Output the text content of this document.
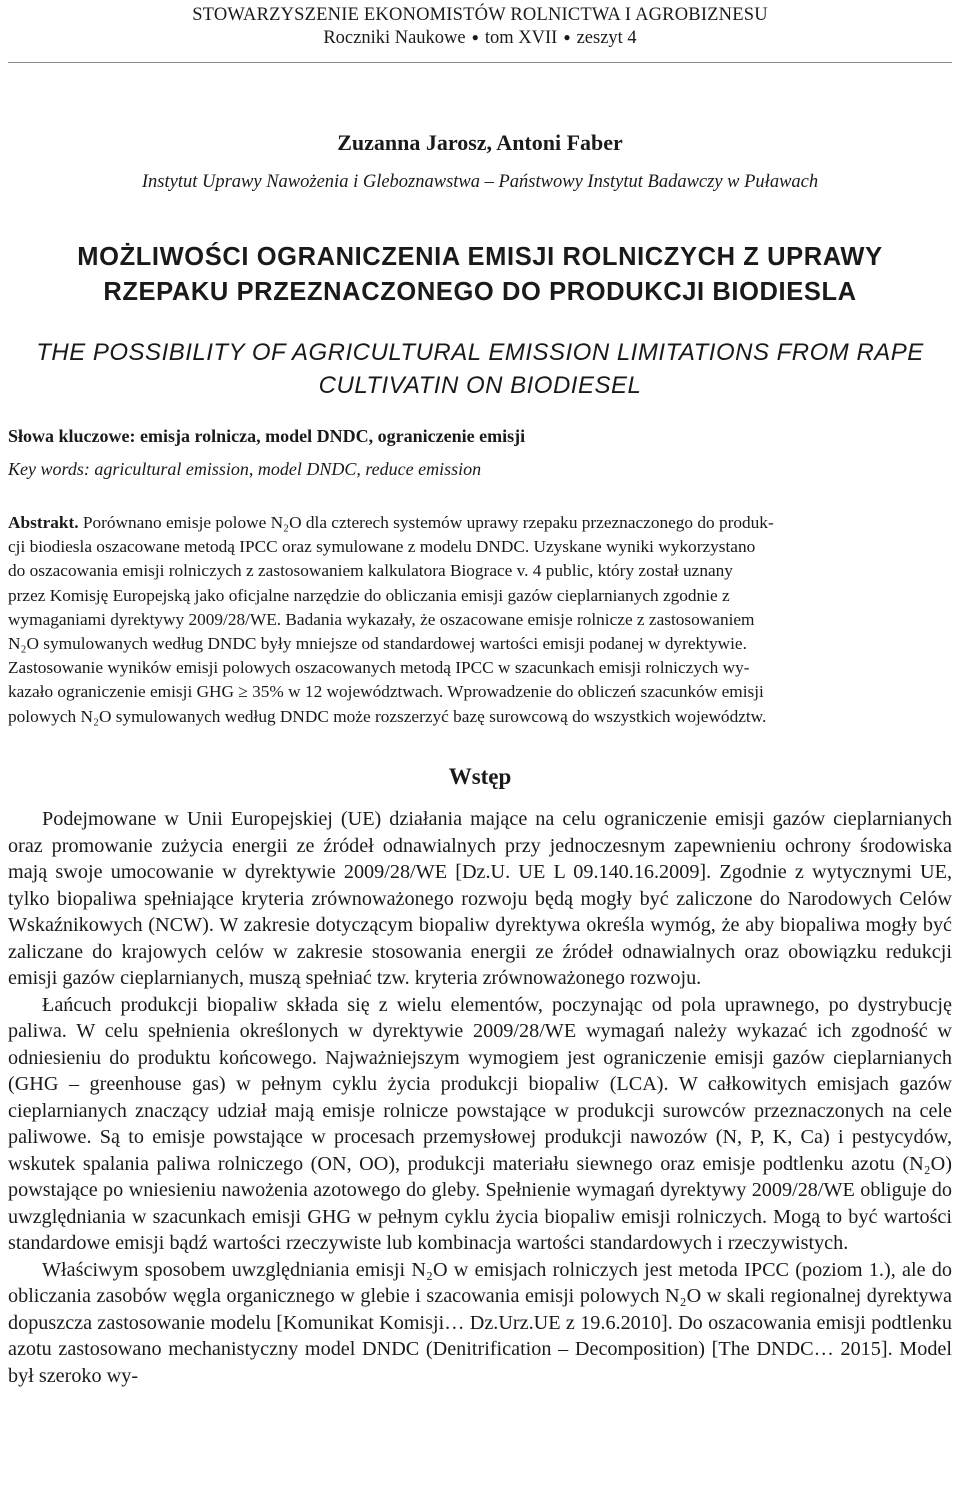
STOWARZYSZENIE EKONOMISTÓW ROLNICTWA I AGROBIZNESU
Roczniki Naukowe ● tom XVII ● zeszyt 4
Zuzanna Jarosz, Antoni Faber
Instytut Uprawy Nawożenia i Gleboznawstwa – Państwowy Instytut Badawczy w Puławach
MOŻLIWOŚCI OGRANICZENIA EMISJI ROLNICZYCH Z UPRAWY
RZEPAKU PRZEZNACZONEGO DO PRODUKCJI BIODIESLA
THE POSSIBILITY OF AGRICULTURAL EMISSION LIMITATIONS FROM RAPE
CULTIVATIN ON BIODIESEL
Słowa kluczowe: emisja rolnicza, model DNDC, ograniczenie emisji
Key words: agricultural emission, model DNDC, reduce emission
Abstrakt. Porównano emisje polowe N₂O dla czterech systemów uprawy rzepaku przeznaczonego do produk-
cji biodiesla oszacowane metodą IPCC oraz symulowane z modelu DNDC. Uzyskane wyniki wykorzystano
do oszacowania emisji rolniczych z zastosowaniem kalkulatora Biograce v. 4 public, który został uznany
przez Komisję Europejską jako oficjalne narzędzie do obliczania emisji gazów cieplarnianych zgodnie z
wymaganiami dyrektywy 2009/28/WE. Badania wykazały, że oszacowane emisje rolnicze z zastosowaniem
N₂O symulowanych według DNDC były mniejsze od standardowej wartości emisji podanej w dyrektywie.
Zastosowanie wyników emisji polowych oszacowanych metodą IPCC w szacunkach emisji rolniczych wy-
kazało ograniczenie emisji GHG ≥ 35% w 12 województwach. Wprowadzenie do obliczeń szacunków emisji
polowych N₂O symulowanych według DNDC może rozszerzyć bazę surowcową do wszystkich województw.
Wstęp

Podejmowane w Unii Europejskiej (UE) działania mające na celu ograniczenie emisji gazów cieplarnianych oraz promowanie zużycia energii ze źródeł odnawialnych przy jednoczesnym zapewnieniu ochrony środowiska mają swoje umocowanie w dyrektywie 2009/28/WE [Dz.U. UE L 09.140.16.2009]. Zgodnie z wytycznymi UE, tylko biopaliwa spełniające kryteria zrównoważonego rozwoju będą mogły być zaliczone do Narodowych Celów Wskaźnikowych (NCW). W zakresie dotyczącym biopaliw dyrektywa określa wymóg, że aby biopaliwa mogły być zaliczane do krajowych celów w zakresie stosowania energii ze źródeł odnawialnych oraz obowiązku redukcji emisji gazów cieplarnianych, muszą spełniać tzw. kryteria zrównoważonego rozwoju.

Łańcuch produkcji biopaliw składa się z wielu elementów, poczynając od pola uprawnego, po dystrybucję paliwa. W celu spełnienia określonych w dyrektywie 2009/28/WE wymagań należy wykazać ich zgodność w odniesieniu do produktu końcowego. Najważniejszym wymogiem jest ograniczenie emisji gazów cieplarnianych (GHG – greenhouse gas) w pełnym cyklu życia produkcji biopaliw (LCA). W całkowitych emisjach gazów cieplarnianych znaczący udział mają emisje rolnicze powstające w produkcji surowców przeznaczonych na cele paliwowe. Są to emisje powstające w procesach przemysłowej produkcji nawozów (N, P, K, Ca) i pestycydów, wskutek spalania paliwa rolniczego (ON, OO), produkcji materiału siewnego oraz emisje podtlenku azotu (N₂O) powstające po wniesieniu nawożenia azotowego do gleby. Spełnienie wymagań dyrektywy 2009/28/WE obliguje do uwzględniania w szacunkach emisji GHG w pełnym cyklu życia biopaliw emisji rolniczych. Mogą to być wartości standardowe emisji bądź wartości rzeczywiste lub kombinacja wartości standardowych i rzeczywistych.

Właściwym sposobem uwzględniania emisji N₂O w emisjach rolniczych jest metoda IPCC (poziom 1.), ale do obliczania zasobów węgla organicznego w glebie i szacowania emisji polowych N₂O w skali regionalnej dyrektywa dopuszcza zastosowanie modelu [Komunikat Komisji… Dz.Urz.UE z 19.6.2010]. Do oszacowania emisji podtlenku azotu zastosowano mechanistyczny model DNDC (Denitrification – Decomposition) [The DNDC… 2015]. Model był szeroko wy-
